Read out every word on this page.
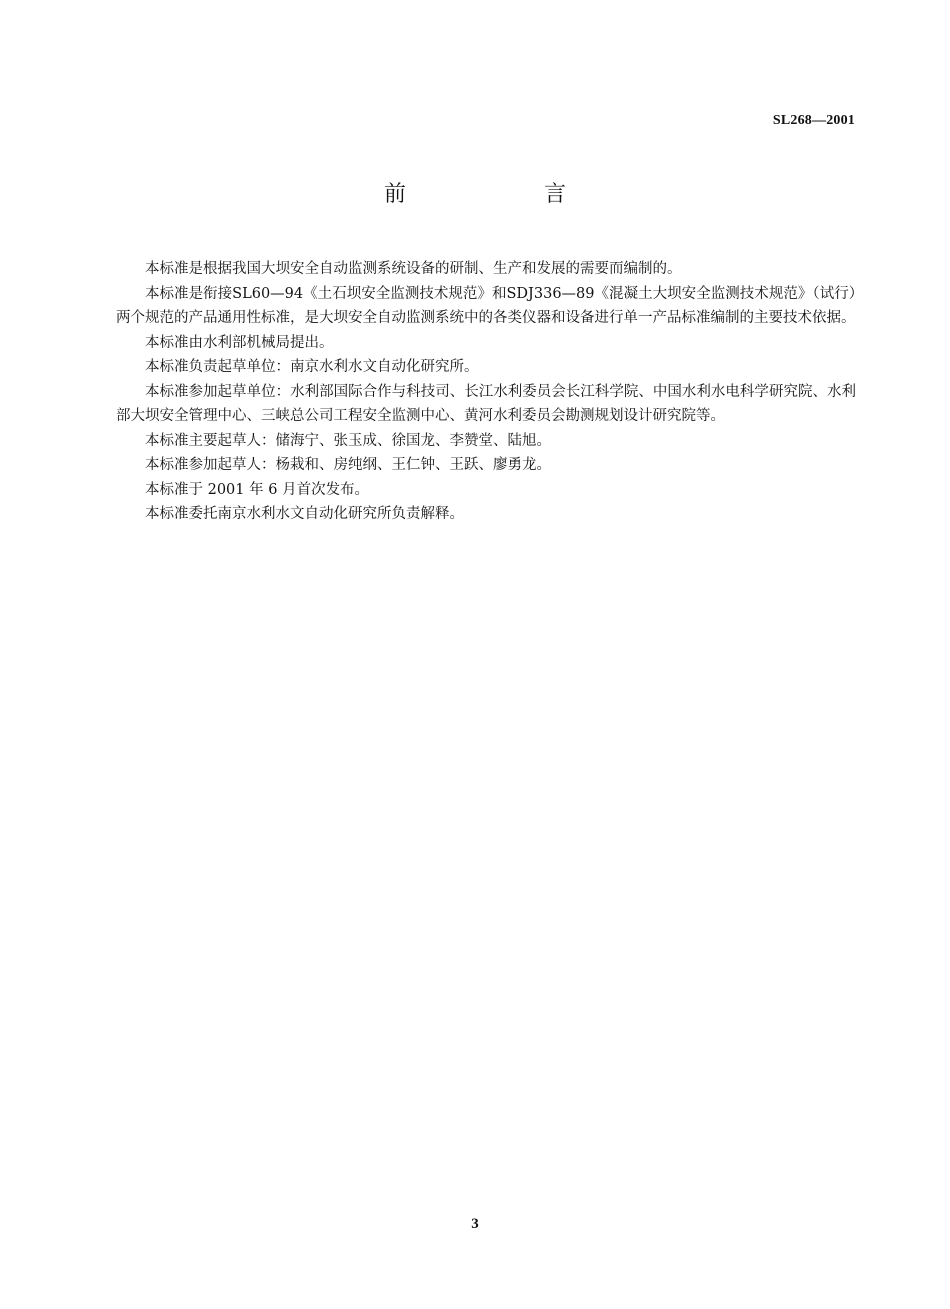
SL268—2001
前　言

本标准是根据我国大坝安全自动监测系统设备的研制、生产和发展的需要而编制的。

本标准是衔接SL60—94《土石坝安全监测技术规范》和SDJ336—89《混凝土大坝安全监测技术规范》（试行）两个规范的产品通用性标准，是大坝安全自动监测系统中的各类仪器和设备进行单一产品标准编制的主要技术依据。

本标准由水利部机械局提出。

本标准负责起草单位：南京水利水文自动化研究所。

本标准参加起草单位：水利部国际合作与科技司、长江水利委员会长江科学院、中国水利水电科学研究院、水利部大坝安全管理中心、三峡总公司工程安全监测中心、黄河水利委员会勘测规划设计研究院等。

本标准主要起草人：储海宁、张玉成、徐国龙、李赞堂、陆旭。

本标准参加起草人：杨栽和、房纯纲、王仁钟、王跃、廖勇龙。

本标准于 2001 年 6 月首次发布。

本标准委托南京水利水文自动化研究所负责解释。

3
